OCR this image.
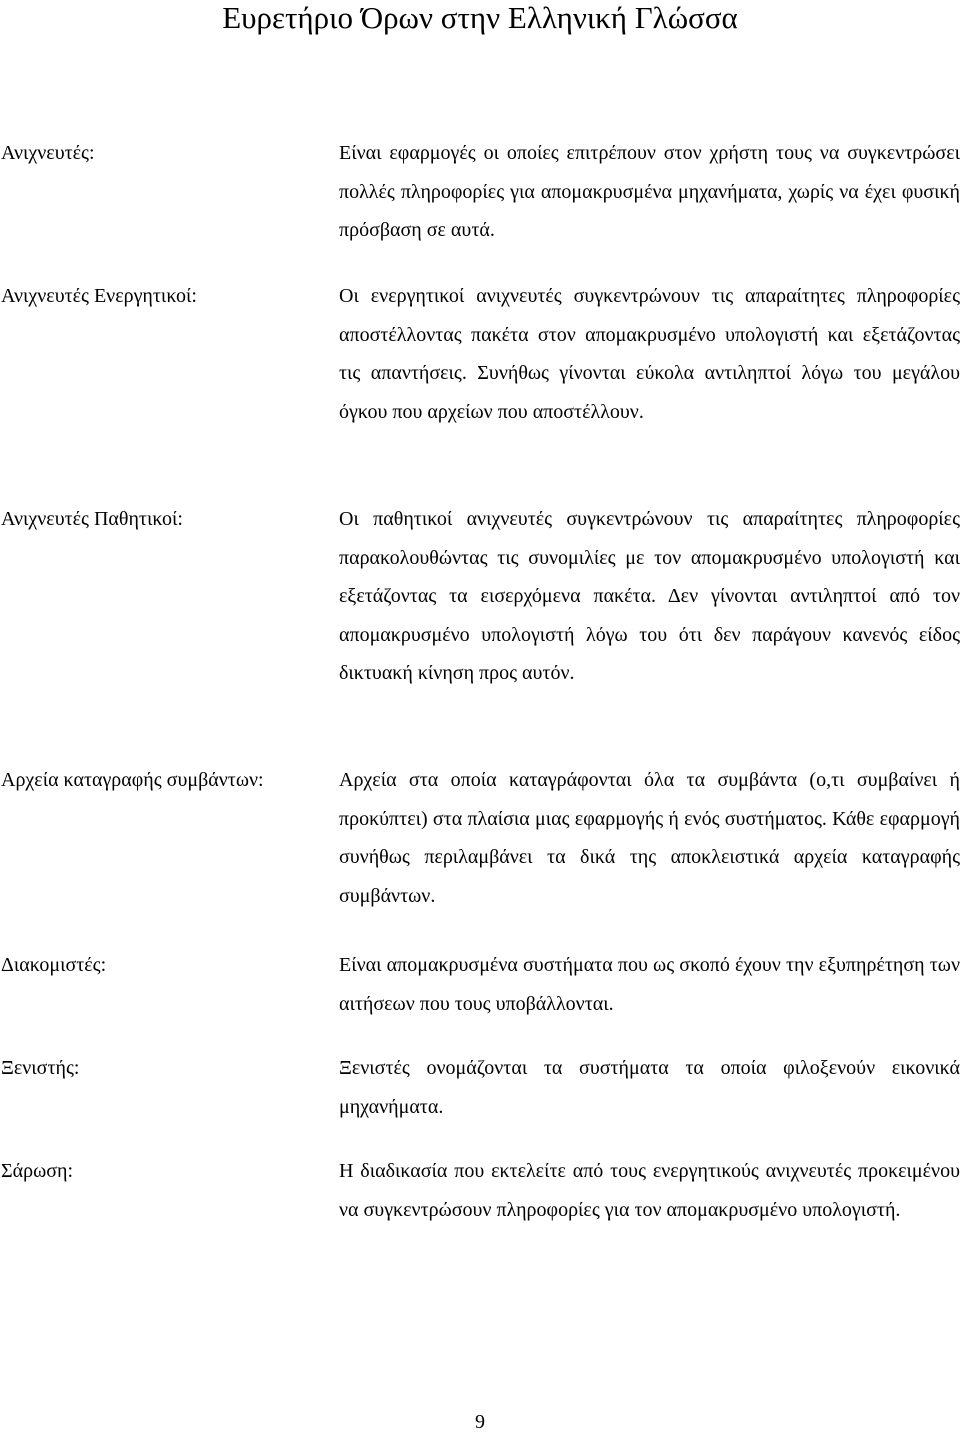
Ευρετήριο Όρων στην Ελληνική Γλώσσα
Ανιχνευτές:	Είναι εφαρμογές οι οποίες επιτρέπουν στον χρήστη τους να συγκεντρώσει πολλές πληροφορίες για απομακρυσμένα μηχανήματα, χωρίς να έχει φυσική πρόσβαση σε αυτά.

Ανιχνευτές Ενεργητικοί:	Οι ενεργητικοί ανιχνευτές συγκεντρώνουν τις απαραίτητες πληροφορίες αποστέλλοντας πακέτα στον απομακρυσμένο υπολογιστή και εξετάζοντας τις απαντήσεις. Συνήθως γίνονται εύκολα αντιληπτοί λόγω του μεγάλου όγκου που αρχείων που αποστέλλουν.

Ανιχνευτές Παθητικοί:	Οι παθητικοί ανιχνευτές συγκεντρώνουν τις απαραίτητες πληροφορίες παρακολουθώντας τις συνομιλίες με τον απομακρυσμένο υπολογιστή και εξετάζοντας τα εισερχόμενα πακέτα. Δεν γίνονται αντιληπτοί από τον απομακρυσμένο υπολογιστή λόγω του ότι δεν παράγουν κανενός είδος δικτυακή κίνηση προς αυτόν.

Αρχεία καταγραφής συμβάντων:	Αρχεία στα οποία καταγράφονται όλα τα συμβάντα (ο,τι συμβαίνει ή προκύπτει) στα πλαίσια μιας εφαρμογής ή ενός συστήματος. Κάθε εφαρμογή συνήθως περιλαμβάνει τα δικά της αποκλειστικά αρχεία καταγραφής συμβάντων.

Διακομιστές:	Είναι απομακρυσμένα συστήματα που ως σκοπό έχουν την εξυπηρέτηση των αιτήσεων που τους υποβάλλονται.

Ξενιστής:	Ξενιστές ονομάζονται τα συστήματα τα οποία φιλοξενούν εικονικά μηχανήματα.

Σάρωση:	Η διαδικασία που εκτελείτε από τους ενεργητικούς ανιχνευτές προκειμένου να συγκεντρώσουν πληροφορίες για τον απομακρυσμένο υπολογιστή.

9
